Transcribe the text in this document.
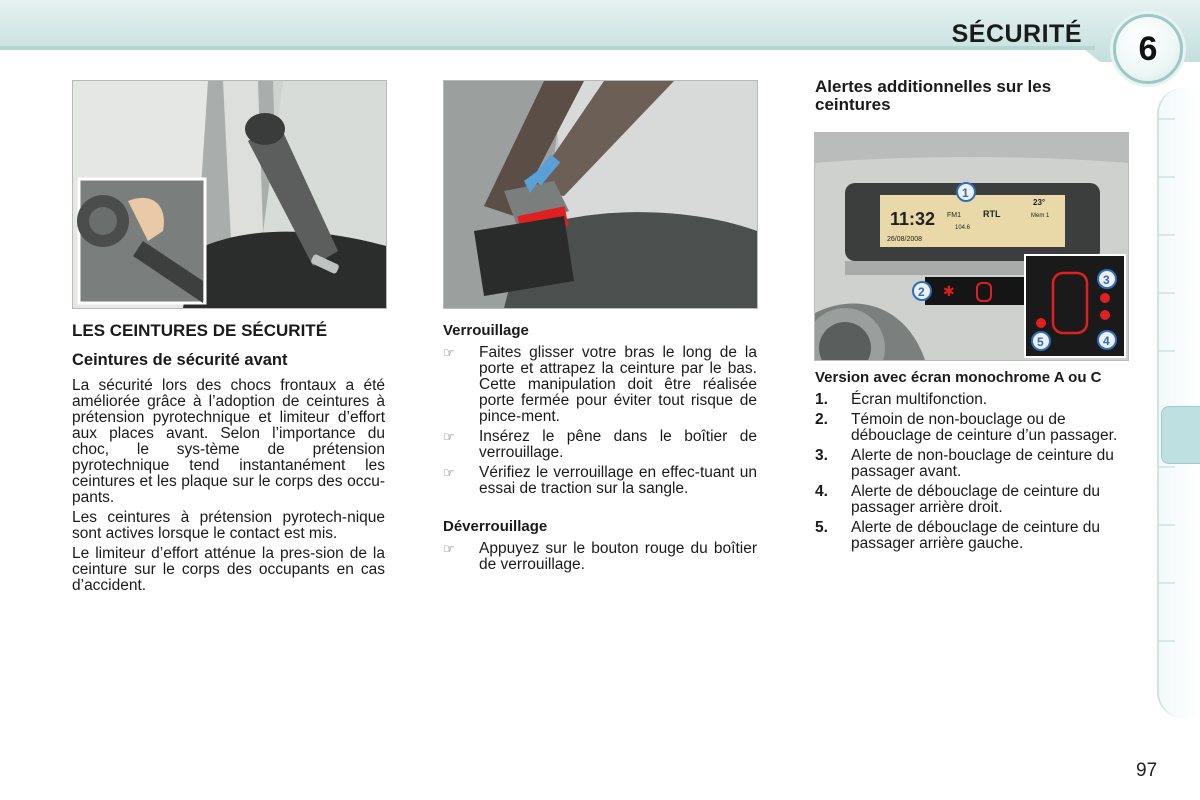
SÉCURITÉ 6
11:32
26/08/2008
FM1 RTL
104.6
23°
Mem 1
✱
1
2
3
4
5
LES CEINTURES DE SÉCURITÉ
Ceintures de sécurité avant

La sécurité lors des chocs frontaux a été améliorée grâce à l’adoption de ceintures à prétension pyrotechnique et limiteur d’effort aux places avant. Selon l’importance du choc, le sys-tème de prétension pyrotechnique tend instantanément les ceintures et les plaque sur le corps des occu-pants.

Les ceintures à prétension pyrotech-nique sont actives lorsque le contact est mis.

Le limiteur d’effort atténue la pres-sion de la ceinture sur le corps des occupants en cas d’accident.

Verrouillage
☞	Faites glisser votre bras le long de la porte et attrapez la ceinture par le bas. Cette manipulation doit être réalisée porte fermée pour éviter tout risque de pince-ment.
☞	Insérez le pêne dans le boîtier de verrouillage.
☞	Vérifiez le verrouillage en effec-tuant un essai de traction sur la sangle.
Déverrouillage
☞	Appuyez sur le bouton rouge du boîtier de verrouillage.
Alertes additionnelles sur les ceintures
Version avec écran monochrome A ou C
1.	Écran multifonction.
2.	Témoin de non-bouclage ou de débouclage de ceinture d’un passager.
3.	Alerte de non-bouclage de ceinture du passager avant.
4.	Alerte de débouclage de ceinture du passager arrière droit.
5.	Alerte de débouclage de ceinture du passager arrière gauche.
97
